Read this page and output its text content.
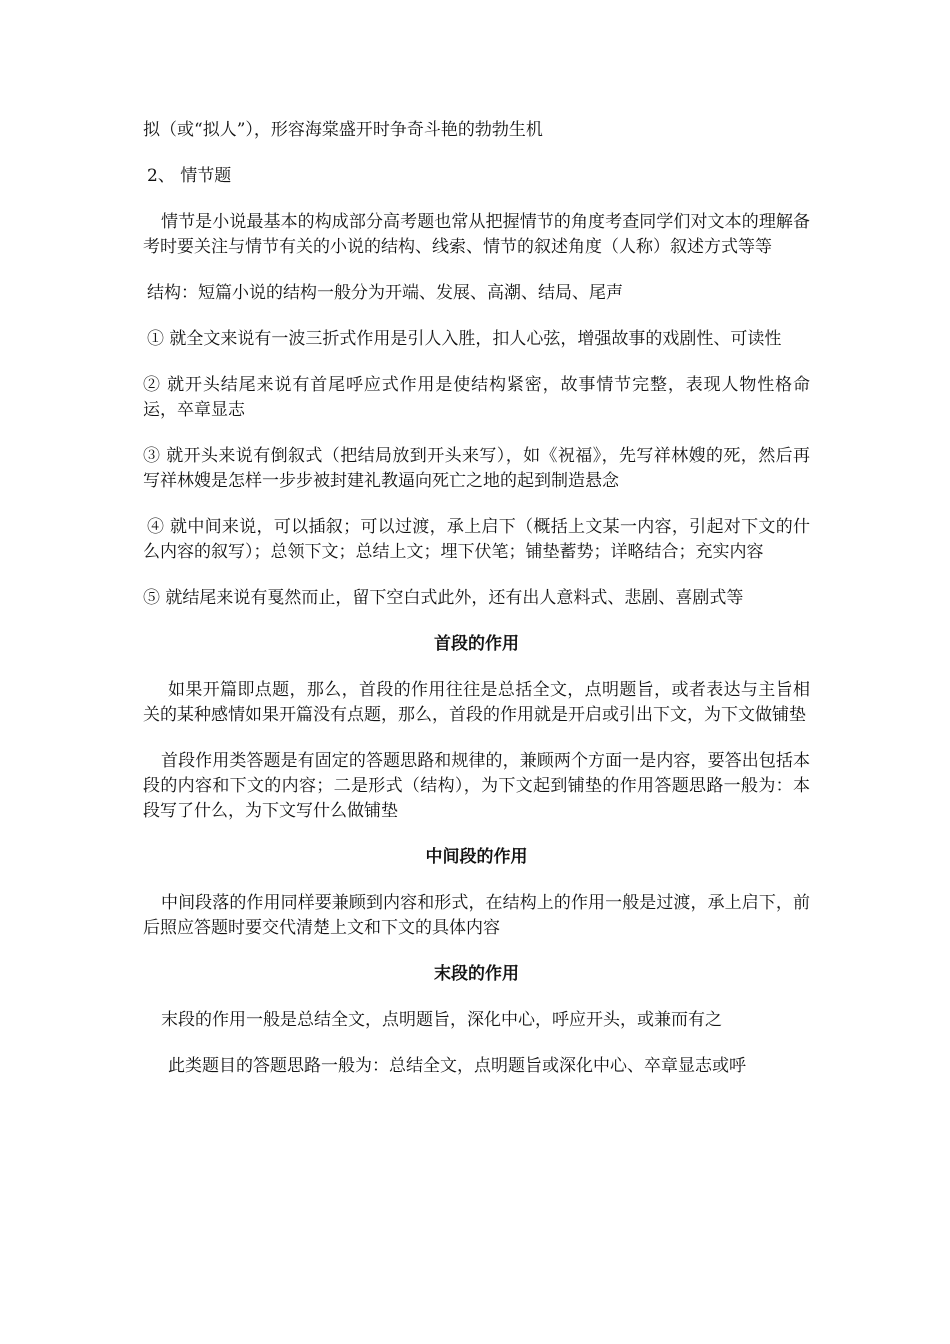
拟（或“拟人”），形容海棠盛开时争奇斗艳的勃勃生机

2、 情节题

情节是小说最基本的构成部分高考题也常从把握情节的角度考查同学们对文本的理解备考时要关注与情节有关的小说的结构、线索、情节的叙述角度（人称）叙述方式等等

结构：短篇小说的结构一般分为开端、发展、高潮、结局、尾声

① 就全文来说有一波三折式作用是引人入胜，扣人心弦，增强故事的戏剧性、可读性

② 就开头结尾来说有首尾呼应式作用是使结构紧密，故事情节完整，表现人物性格命运，卒章显志

③ 就开头来说有倒叙式（把结局放到开头来写），如《祝福》，先写祥林嫂的死，然后再写祥林嫂是怎样一步步被封建礼教逼向死亡之地的起到制造悬念

④ 就中间来说，可以插叙；可以过渡，承上启下（概括上文某一内容，引起对下文的什么内容的叙写）；总领下文；总结上文；埋下伏笔；铺垫蓄势；详略结合；充实内容

⑤ 就结尾来说有戛然而止，留下空白式此外，还有出人意料式、悲剧、喜剧式等

首段的作用

如果开篇即点题，那么，首段的作用往往是总括全文，点明题旨，或者表达与主旨相关的某种感情如果开篇没有点题，那么，首段的作用就是开启或引出下文，为下文做铺垫

首段作用类答题是有固定的答题思路和规律的，兼顾两个方面一是内容，要答出包括本段的内容和下文的内容；二是形式（结构），为下文起到铺垫的作用答题思路一般为：本段写了什么，为下文写什么做铺垫

中间段的作用

中间段落的作用同样要兼顾到内容和形式，在结构上的作用一般是过渡，承上启下，前后照应答题时要交代清楚上文和下文的具体内容

末段的作用

末段的作用一般是总结全文，点明题旨，深化中心，呼应开头，或兼而有之

此类题目的答题思路一般为：总结全文，点明题旨或深化中心、卒章显志或呼
